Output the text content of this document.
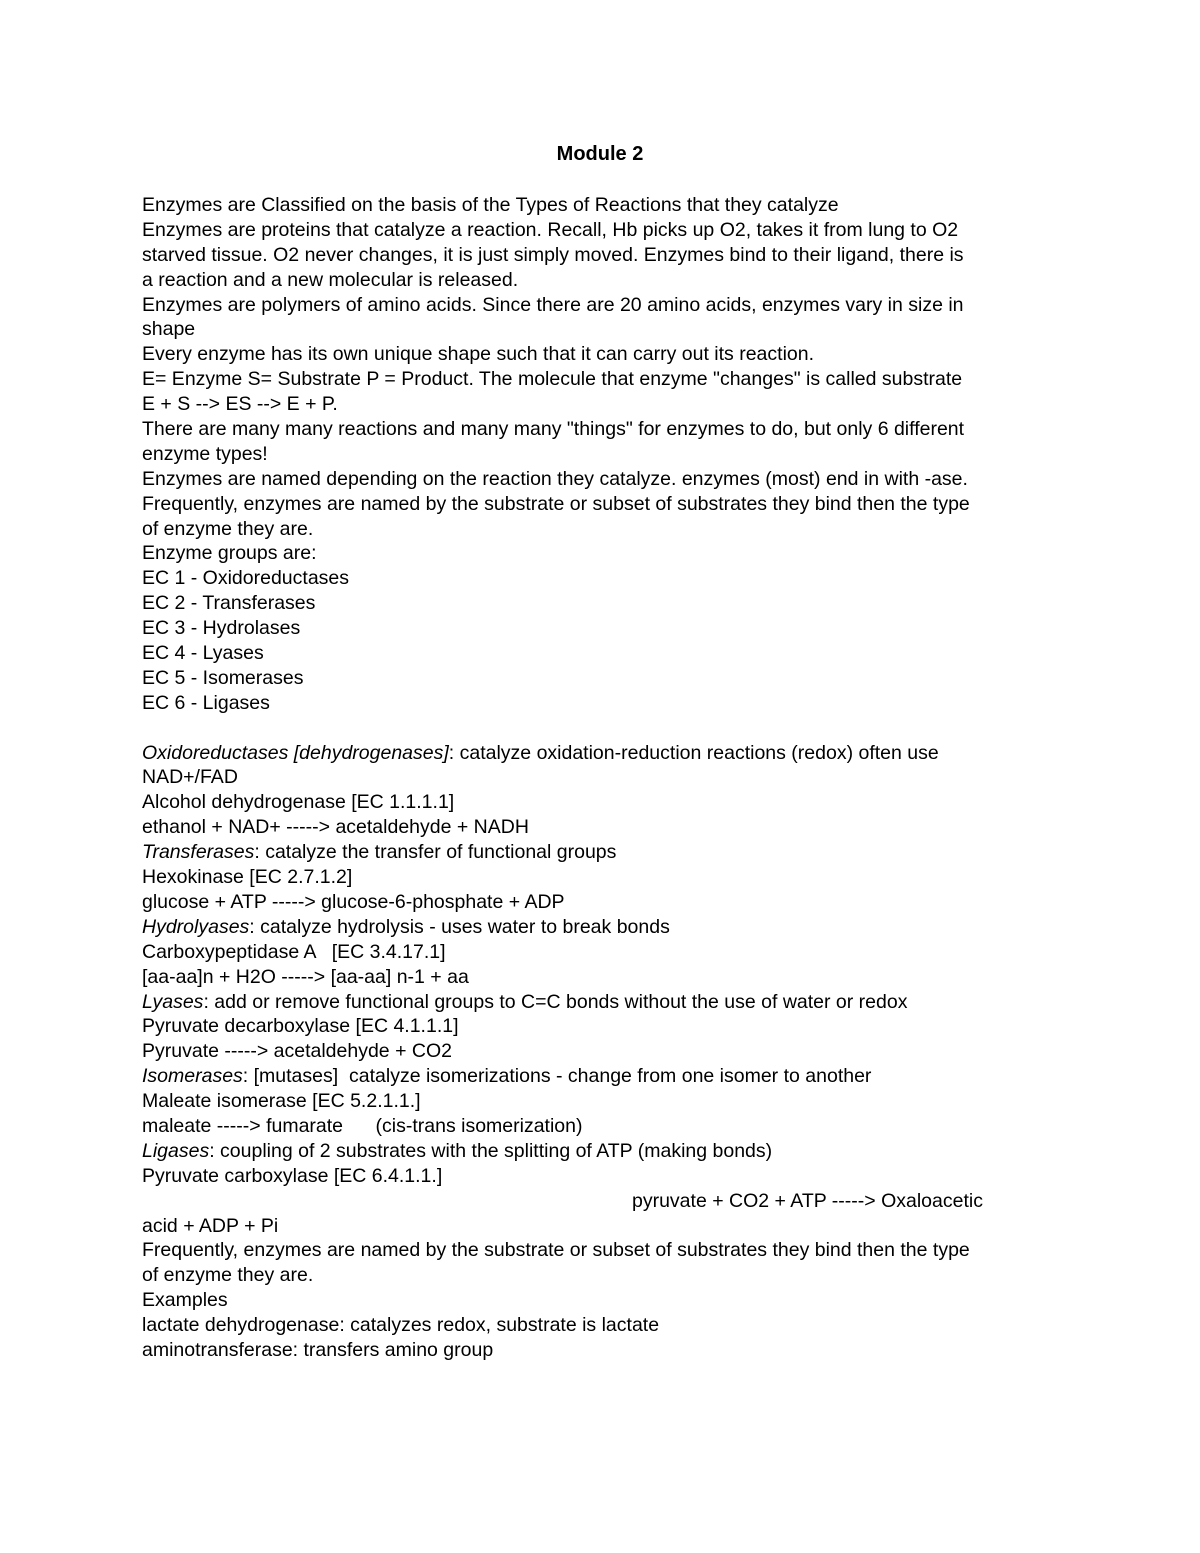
Module 2
Enzymes are Classified on the basis of the Types of Reactions that they catalyze
Enzymes are proteins that catalyze a reaction. Recall, Hb picks up O2, takes it from lung to O2
starved tissue. O2 never changes, it is just simply moved. Enzymes bind to their ligand, there is
a reaction and a new molecular is released.
Enzymes are polymers of amino acids. Since there are 20 amino acids, enzymes vary in size in
shape
Every enzyme has its own unique shape such that it can carry out its reaction.
E= Enzyme S= Substrate P = Product. The molecule that enzyme "changes" is called substrate
E + S --> ES --> E + P.
There are many many reactions and many many "things" for enzymes to do, but only 6 different
enzyme types!
Enzymes are named depending on the reaction they catalyze. enzymes (most) end in with -ase.
Frequently, enzymes are named by the substrate or subset of substrates they bind then the type
of enzyme they are.
Enzyme groups are:
EC 1 - Oxidoreductases
EC 2 - Transferases
EC 3 - Hydrolases
EC 4 - Lyases
EC 5 - Isomerases
EC 6 - Ligases
Oxidoreductases [dehydrogenases]: catalyze oxidation-reduction reactions (redox) often use
NAD+/FAD
Alcohol dehydrogenase [EC 1.1.1.1]
ethanol + NAD+ -----> acetaldehyde + NADH
Transferases: catalyze the transfer of functional groups
Hexokinase [EC 2.7.1.2]
glucose + ATP -----> glucose-6-phosphate + ADP
Hydrolyases: catalyze hydrolysis - uses water to break bonds
Carboxypeptidase A   [EC 3.4.17.1]
[aa-aa]n + H2O -----> [aa-aa] n-1 + aa
Lyases: add or remove functional groups to C=C bonds without the use of water or redox
Pyruvate decarboxylase [EC 4.1.1.1]
Pyruvate -----> acetaldehyde + CO2
Isomerases: [mutases]  catalyze isomerizations - change from one isomer to another
Maleate isomerase [EC 5.2.1.1.]
maleate -----> fumarate      (cis-trans isomerization)
Ligases: coupling of 2 substrates with the splitting of ATP (making bonds)
Pyruvate carboxylase [EC 6.4.1.1.]
pyruvate + CO2 + ATP -----> Oxaloacetic
acid + ADP + Pi
Frequently, enzymes are named by the substrate or subset of substrates they bind then the type
of enzyme they are.
Examples
lactate dehydrogenase: catalyzes redox, substrate is lactate
aminotransferase: transfers amino group
